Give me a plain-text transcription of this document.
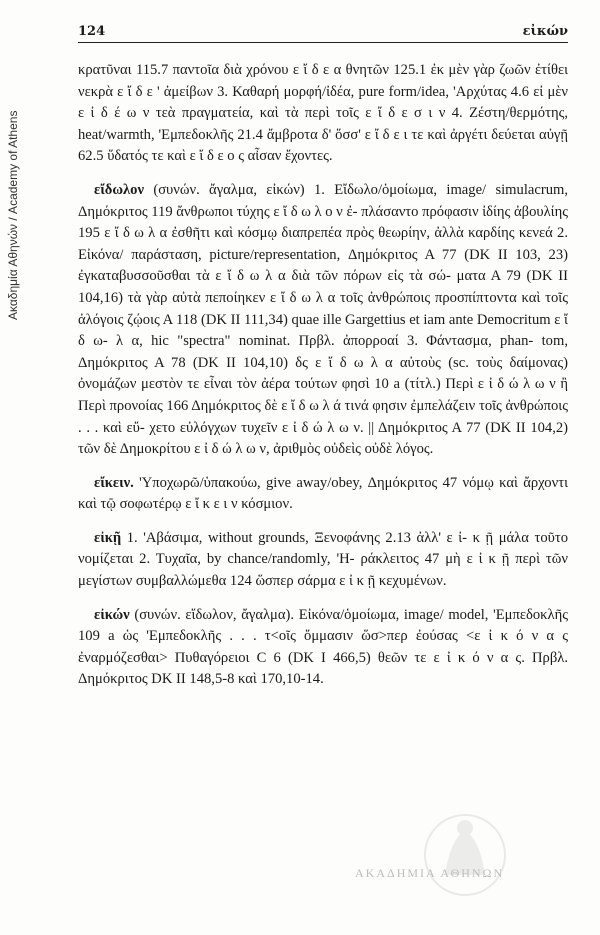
Ακαδημία Αθηνών / Academy of Athens
124	εἰκών

κρατῦναι 115.7 παντοῖα διὰ χρόνου ε ἴ δ ε α θνητῶν 125.1 ἐκ μὲν γὰρ ζωῶν ἐτίθει νεκρὰ ε ἴ δ ε ' ἀμείβων 3. Καθαρή μορφή/ἰδέα, pure form/idea, 'Αρχύτας 4.6 εἰ μὲν ε ἰ δ έ ω ν τεὰ πραγματεία, καὶ τὰ περὶ τοῖς ε ἴ δ ε σ ι ν 4. Ζέστη/θερμότης, heat/warmth, 'Εμπεδοκλῆς 21.4 ἄμβροτα δ' ὅσσ' ε ἴ δ ε ι τε καὶ ἀργέτι δεύεται αὐγῇ 62.5 ὕδατός τε καὶ ε ἴ δ ε ο ς αἶσαν ἔχοντες.

εἴδωλον (συνών. ἄγαλμα, εἰκών) 1. Εἴδωλο/ὁμοίωμα, image/ simulacrum, Δημόκριτος 119 ἄνθρωποι τύχης ε ἴ δ ω λ ο ν ἐ- πλάσαντο πρόφασιν ἰδίης ἀβουλίης 195 ε ἴ δ ω λ α ἐσθῆτι καὶ κόσμῳ διαπρεπέα πρὸς θεωρίην, ἀλλὰ καρδίης κενεά 2. Εἰκόνα/ παράσταση, picture/representation, Δημόκριτος Α 77 (DK II 103, 23) ἐγκαταβυσσοῦσθαι τὰ ε ἴ δ ω λ α διὰ τῶν πόρων εἰς τὰ σώ- ματα Α 79 (DK II 104,16) τὰ γὰρ αὐτὰ πεποίηκεν ε ἴ δ ω λ α τοῖς ἀνθρώποις προσπίπτοντα καὶ τοῖς ἀλόγοις ζῴοις Α 118 (DK II 111,34) quae ille Gargettius et iam ante Democritum ε ἴ δ ω- λ α, hic "spectra" nominat. Πρβλ. ἀπορροαί 3. Φάντασμα, phan- tom, Δημόκριτος Α 78 (DK II 104,10) δς ε ἴ δ ω λ α αὐτοὺς (sc. τοὺς δαίμονας) ὀνομάζων μεστὸν τε εἶναι τὸν ἀέρα τούτων φησὶ 10 a (τίτλ.) Περὶ ε ἰ δ ώ λ ω ν ἢ Περὶ προνοίας 166 Δημόκριτος δὲ ε ἴ δ ω λ ά τινά φησιν ἐμπελάζειν τοῖς ἀνθρώποις . . . καὶ εὔ- χετο εὐλόγχων τυχεῖν ε ἰ δ ώ λ ω ν. || Δημόκριτος Α 77 (DK II 104,2) τῶν δὲ Δημοκρίτου ε ἰ δ ώ λ ω ν, ἀριθμὸς οὐδεὶς οὐδὲ λόγος.

εἴκειν. 'Υποχωρῶ/ὑπακούω, give away/obey, Δημόκριτος 47 νόμῳ καὶ ἄρχοντι καὶ τῷ σοφωτέρῳ ε ἴ κ ε ι ν κόσμιον.

εἰκῇ 1. 'Αβάσιμα, without grounds, Ξενοφάνης 2.13 ἀλλ' ε ἰ- κ ῇ μάλα τοῦτο νομίζεται 2. Τυχαῖα, by chance/randomly, 'Η- ράκλειτος 47 μὴ ε ἰ κ ῇ περὶ τῶν μεγίστων συμβαλλώμεθα 124 ὥσπερ σάρμα ε ἰ κ ῇ κεχυμένων.

εἰκών (συνών. εἴδωλον, ἄγαλμα). Εἰκόνα/ὁμοίωμα, image/ model, 'Εμπεδοκλῆς 109 a ὡς 'Εμπεδοκλῆς . . . τ<οῖς ὄμμασιν ὥσ>περ ἐούσας <ε ἰ κ ό ν α ς ἐναρμόζεσθαι> Πυθαγόρειοι C 6 (DK I 466,5) θεῶν τε ε ἰ κ ό ν α ς. Πρβλ. Δημόκριτος DK II 148,5-8 καὶ 170,10-14.

ΑΚΑΔΗΜΙΑ ΑΘΗΝΩΝ
